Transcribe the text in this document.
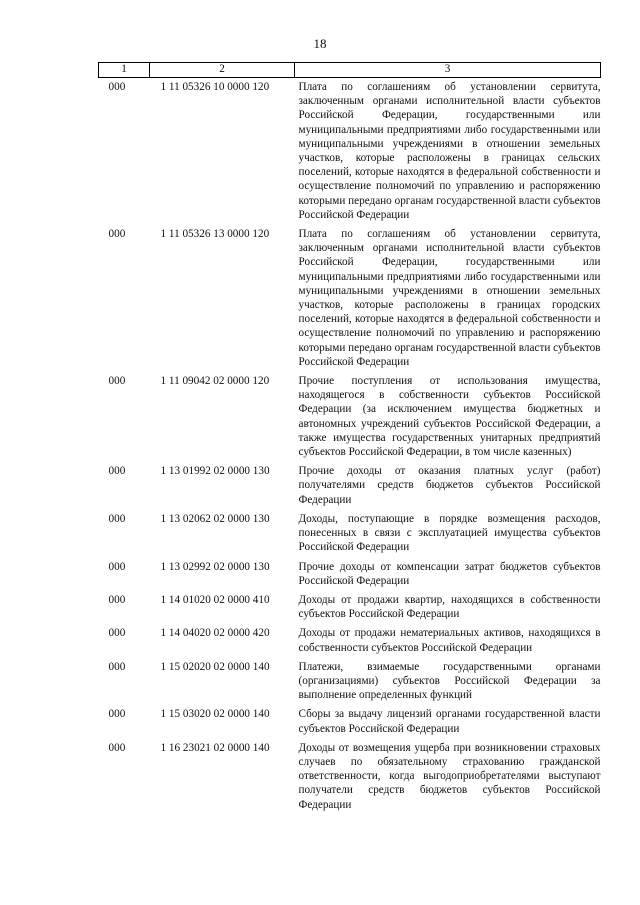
18
1	2	3
000	1 11 05326 10 0000 120	Плата по соглашениям об установлении сервитута, заключенным органами исполнительной власти субъектов Российской Федерации, государственными или муниципальными предприятиями либо государственными или муниципальными учреждениями в отношении земельных участков, которые расположены в границах сельских поселений, которые находятся в федеральной собственности и осуществление полномочий по управлению и распоряжению которыми передано органам государственной власти субъектов Российской Федерации
000	1 11 05326 13 0000 120	Плата по соглашениям об установлении сервитута, заключенным органами исполнительной власти субъектов Российской Федерации, государственными или муниципальными предприятиями либо государственными или муниципальными учреждениями в отношении земельных участков, которые расположены в границах городских поселений, которые находятся в федеральной собственности и осуществление полномочий по управлению и распоряжению которыми передано органам государственной власти субъектов Российской Федерации
000	1 11 09042 02 0000 120	Прочие поступления от использования имущества, находящегося в собственности субъектов Российской Федерации (за исключением имущества бюджетных и автономных учреждений субъектов Российской Федерации, а также имущества государственных унитарных предприятий субъектов Российской Федерации, в том числе казенных)
000	1 13 01992 02 0000 130	Прочие доходы от оказания платных услуг (работ) получателями средств бюджетов субъектов Российской Федерации
000	1 13 02062 02 0000 130	Доходы, поступающие в порядке возмещения расходов, понесенных в связи с эксплуатацией имущества субъектов Российской Федерации
000	1 13 02992 02 0000 130	Прочие доходы от компенсации затрат бюджетов субъектов Российской Федерации
000	1 14 01020 02 0000 410	Доходы от продажи квартир, находящихся в собственности субъектов Российской Федерации
000	1 14 04020 02 0000 420	Доходы от продажи нематериальных активов, находящихся в собственности субъектов Российской Федерации
000	1 15 02020 02 0000 140	Платежи, взимаемые государственными органами (организациями) субъектов Российской Федерации за выполнение определенных функций
000	1 15 03020 02 0000 140	Сборы за выдачу лицензий органами государственной власти субъектов Российской Федерации
000	1 16 23021 02 0000 140	Доходы от возмещения ущерба при возникновении страховых случаев по обязательному страхованию гражданской ответственности, когда выгодоприобретателями выступают получатели средств бюджетов субъектов Российской Федерации
